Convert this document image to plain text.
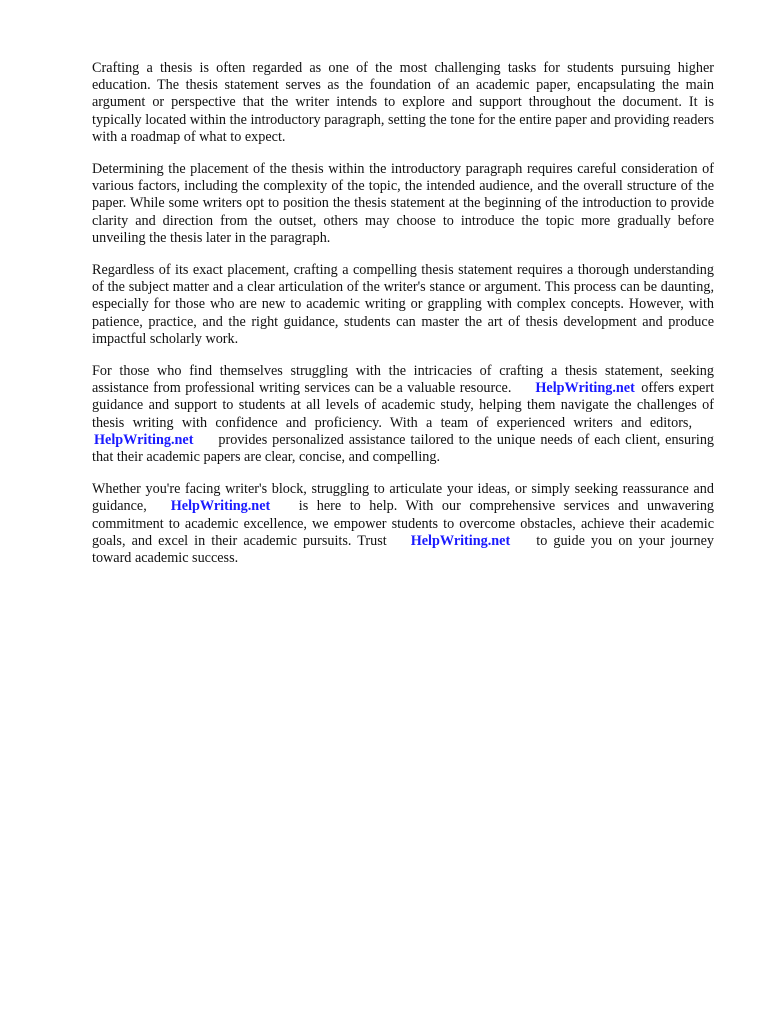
Crafting a thesis is often regarded as one of the most challenging tasks for students pursuing higher education. The thesis statement serves as the foundation of an academic paper, encapsulating the main argument or perspective that the writer intends to explore and support throughout the document. It is typically located within the introductory paragraph, setting the tone for the entire paper and providing readers with a roadmap of what to expect.

Determining the placement of the thesis within the introductory paragraph requires careful consideration of various factors, including the complexity of the topic, the intended audience, and the overall structure of the paper. While some writers opt to position the thesis statement at the beginning of the introduction to provide clarity and direction from the outset, others may choose to introduce the topic more gradually before unveiling the thesis later in the paragraph.

Regardless of its exact placement, crafting a compelling thesis statement requires a thorough understanding of the subject matter and a clear articulation of the writer's stance or argument. This process can be daunting, especially for those who are new to academic writing or grappling with complex concepts. However, with patience, practice, and the right guidance, students can master the art of thesis development and produce impactful scholarly work.

For those who find themselves struggling with the intricacies of crafting a thesis statement, seeking assistance from professional writing services can be a valuable resource. HelpWriting.net offers expert guidance and support to students at all levels of academic study, helping them navigate the challenges of thesis writing with confidence and proficiency. With a team of experienced writers and editors,HelpWriting.net provides personalized assistance tailored to the unique needs of each client, ensuring that their academic papers are clear, concise, and compelling.

Whether you're facing writer's block, struggling to articulate your ideas, or simply seeking reassurance and guidance, HelpWriting.net is here to help. With our comprehensive services and unwavering commitment to academic excellence, we empower students to overcome obstacles, achieve their academic goals, and excel in their academic pursuits. Trust HelpWriting.net to guide you on your journey toward academic success.
